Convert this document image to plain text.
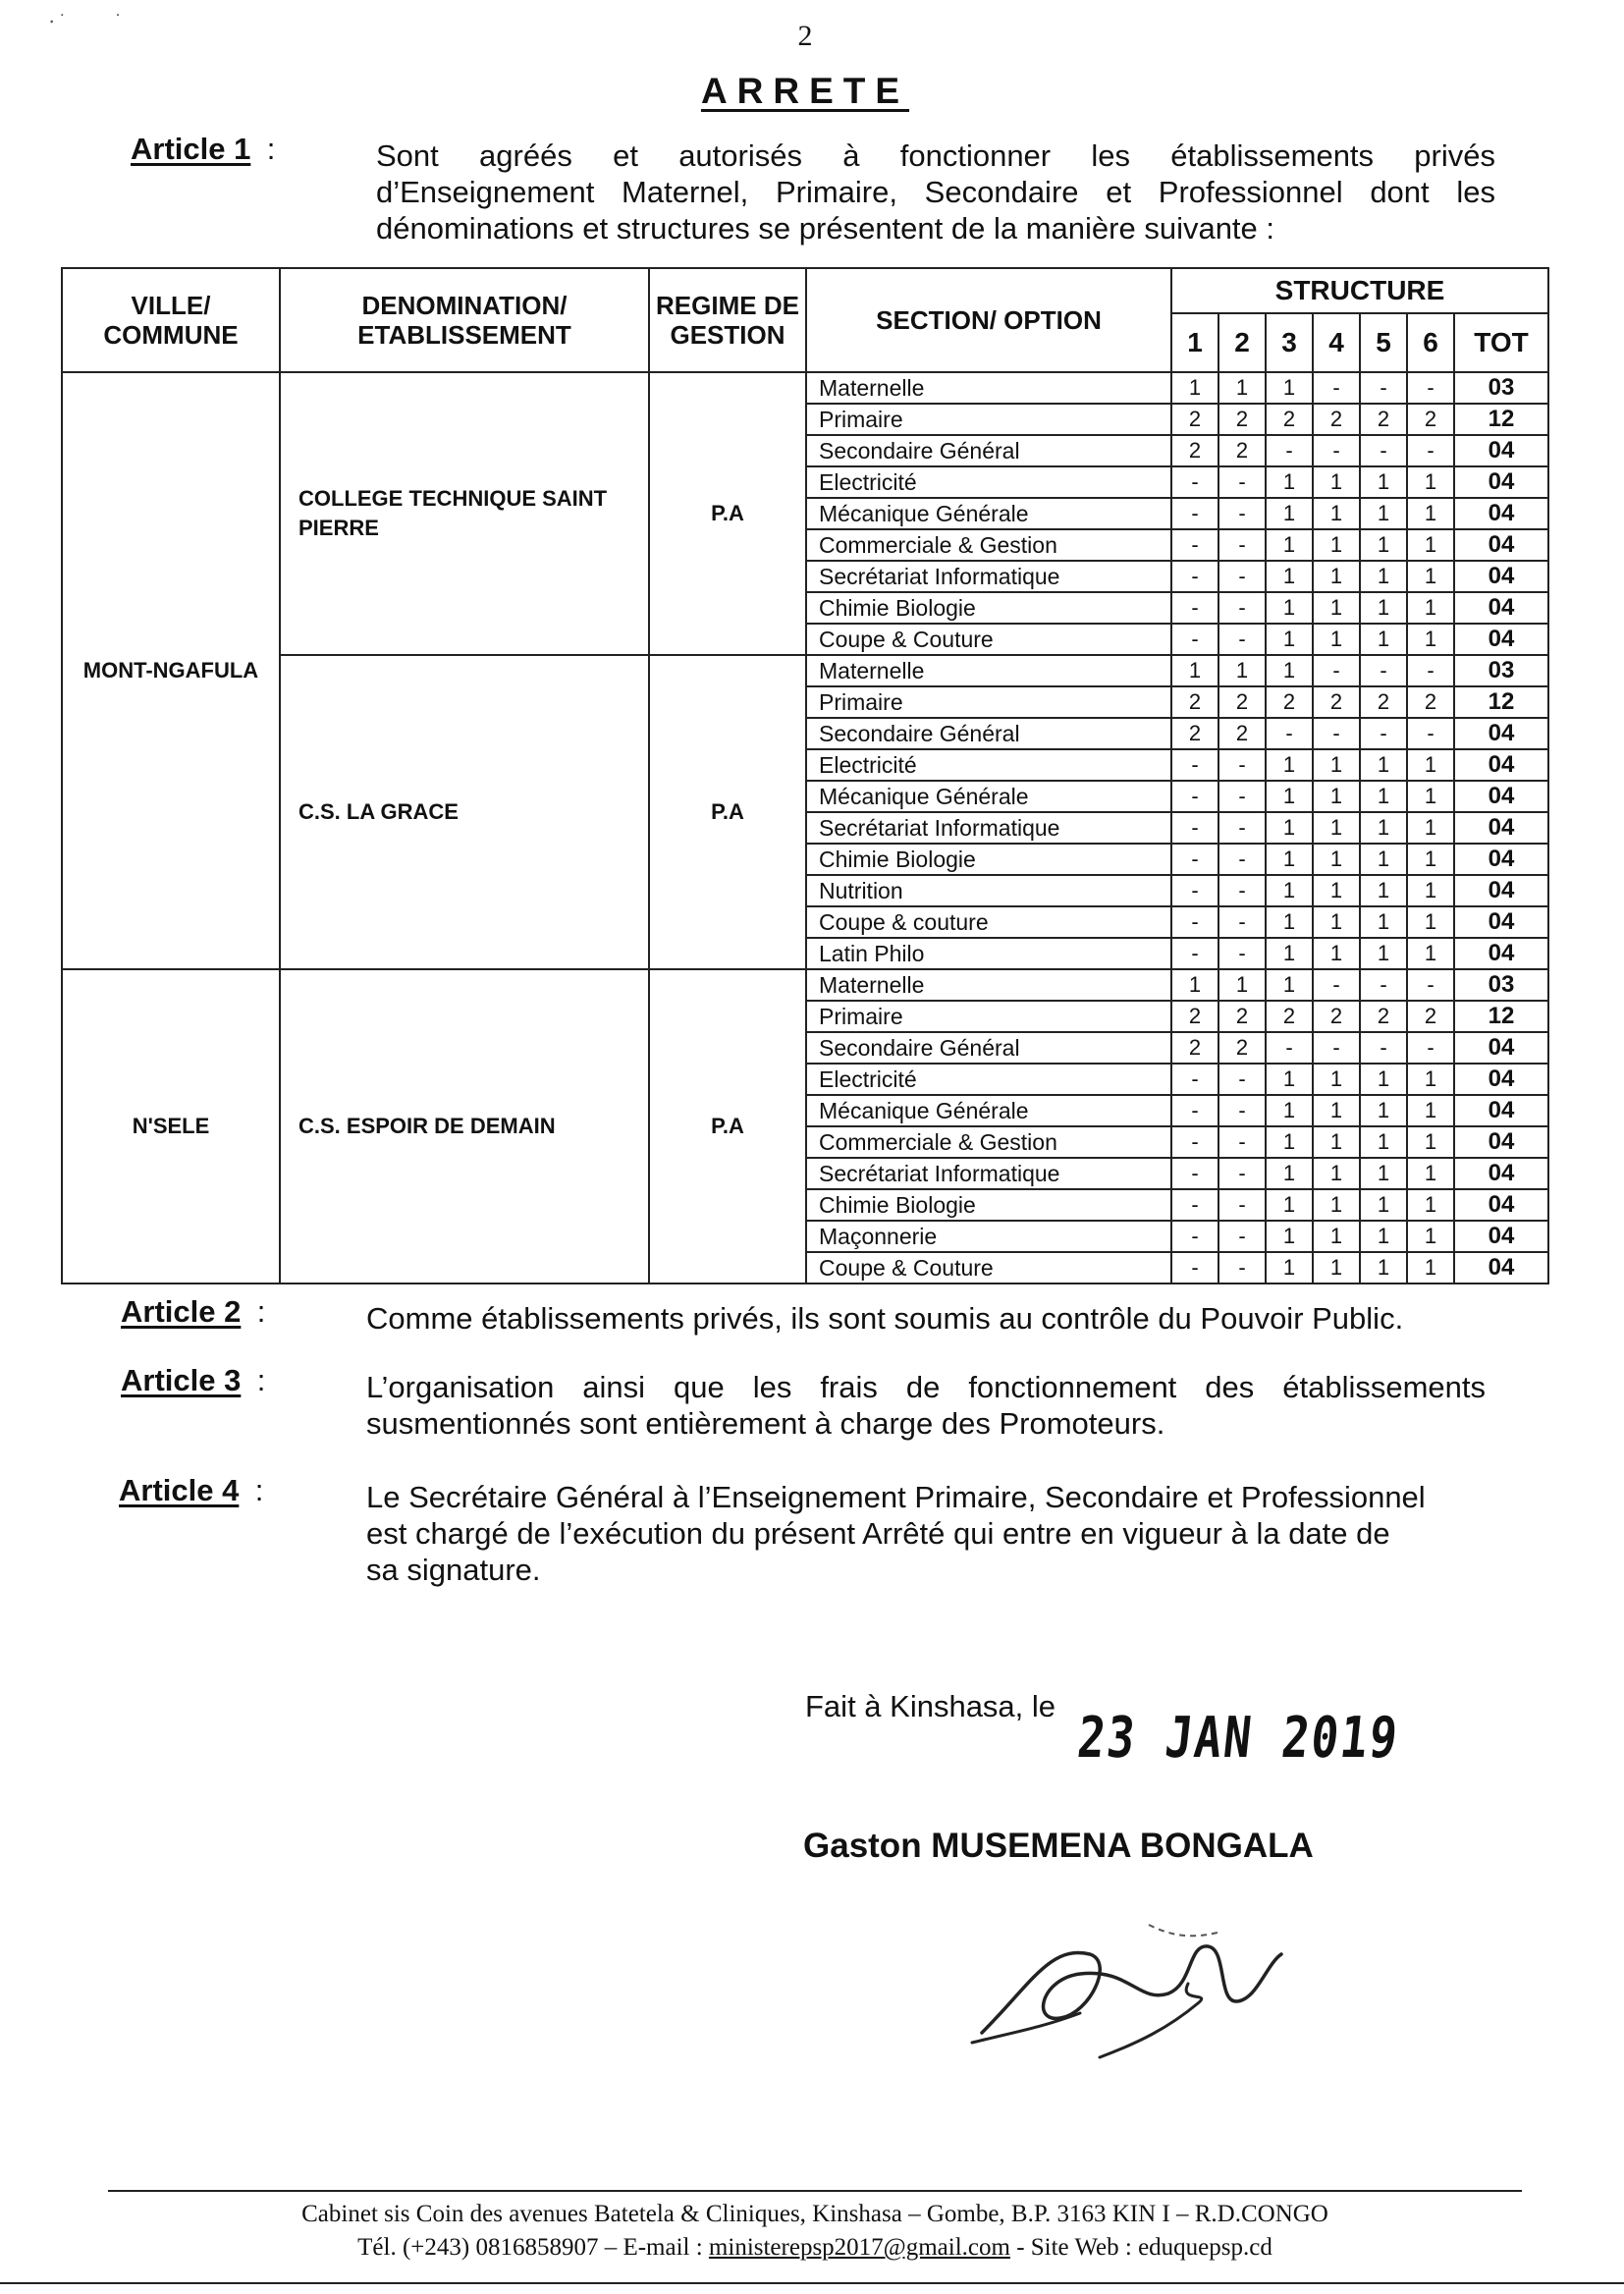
⸱ ˙         ˙	2
ARRETE
Article 1 :	Sont agréés et autorisés à fonctionner les établissements privés
d’Enseignement Maternel, Primaire, Secondaire et Professionnel dont les
dénominations et structures se présentent de la manière suivante :
VILLE/ COMMUNE	DENOMINATION/ ETABLISSEMENT	REGIME DE GESTION	SECTION/ OPTION	STRUCTURE						
				1	2	3	4	5	6	TOT
MONT-NGAFULA	COLLEGE TECHNIQUE SAINT PIERRE	P.A	Maternelle	1	1	1	-	-	-	03
			Primaire	2	2	2	2	2	2	12
			Secondaire Général	2	2	-	-	-	-	04
			Electricité	-	-	1	1	1	1	04
			Mécanique Générale	-	-	1	1	1	1	04
			Commerciale & Gestion	-	-	1	1	1	1	04
			Secrétariat Informatique	-	-	1	1	1	1	04
			Chimie Biologie	-	-	1	1	1	1	04
			Coupe & Couture	-	-	1	1	1	1	04
	C.S. LA GRACE	P.A	Maternelle	1	1	1	-	-	-	03
			Primaire	2	2	2	2	2	2	12
			Secondaire Général	2	2	-	-	-	-	04
			Electricité	-	-	1	1	1	1	04
			Mécanique Générale	-	-	1	1	1	1	04
			Secrétariat Informatique	-	-	1	1	1	1	04
			Chimie Biologie	-	-	1	1	1	1	04
			Nutrition	-	-	1	1	1	1	04
			Coupe & couture	-	-	1	1	1	1	04
			Latin Philo	-	-	1	1	1	1	04
N'SELE	C.S. ESPOIR DE DEMAIN	P.A	Maternelle	1	1	1	-	-	-	03
			Primaire	2	2	2	2	2	2	12
			Secondaire Général	2	2	-	-	-	-	04
			Electricité	-	-	1	1	1	1	04
			Mécanique Générale	-	-	1	1	1	1	04
			Commerciale & Gestion	-	-	1	1	1	1	04
			Secrétariat Informatique	-	-	1	1	1	1	04
			Chimie Biologie	-	-	1	1	1	1	04
			Maçonnerie	-	-	1	1	1	1	04
			Coupe & Couture	-	-	1	1	1	1	04
Article 2 :	Comme établissements privés, ils sont soumis au contrôle du Pouvoir Public.
Article 3 :	L’organisation ainsi que les frais de fonctionnement des établissements
susmentionnés sont entièrement à charge des Promoteurs.
Article 4 :	Le Secrétaire Général à l’Enseignement Primaire, Secondaire et Professionnel
est chargé de l’exécution du présent Arrêté qui entre en vigueur à la date de
sa signature.
Fait à Kinshasa, le 23 JAN 2019
Gaston MUSEMENA BONGALA
Cabinet sis Coin des avenues Batetela & Cliniques, Kinshasa – Gombe, B.P. 3163 KIN I – R.D.CONGO
Tél. (+243) 0816858907 – E-mail : ministerepsp2017@gmail.com - Site Web : eduquepsp.cd
